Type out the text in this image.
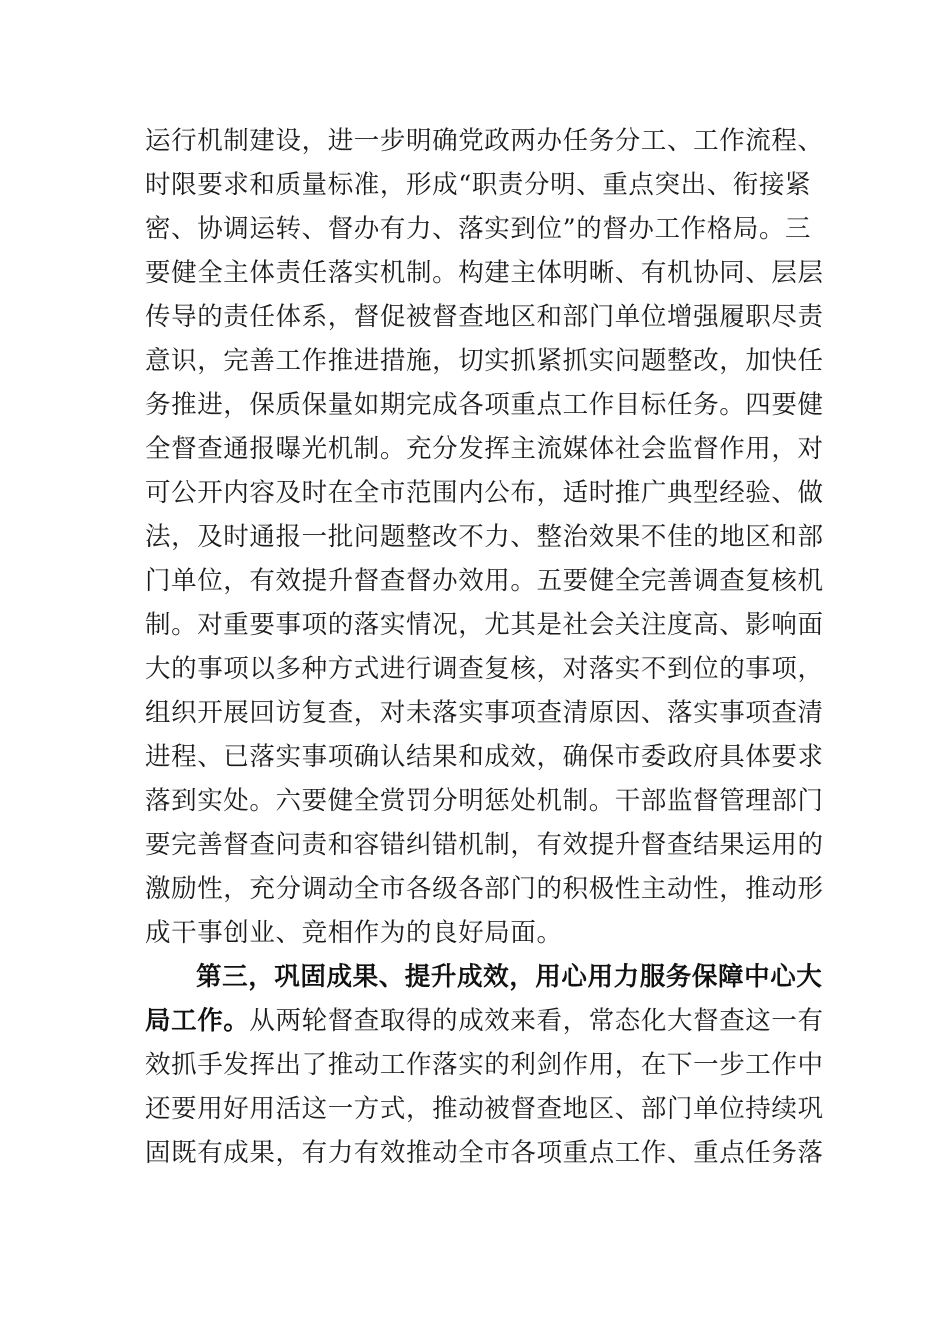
运行机制建设，进一步明确党政两办任务分工、工作流程、
时限要求和质量标准，形成“职责分明、重点突出、衔接紧
密、协调运转、督办有力、落实到位”的督办工作格局。三
要健全主体责任落实机制。构建主体明晰、有机协同、层层
传导的责任体系，督促被督查地区和部门单位增强履职尽责
意识，完善工作推进措施，切实抓紧抓实问题整改，加快任
务推进，保质保量如期完成各项重点工作目标任务。四要健
全督查通报曝光机制。充分发挥主流媒体社会监督作用，对
可公开内容及时在全市范围内公布，适时推广典型经验、做
法，及时通报一批问题整改不力、整治效果不佳的地区和部
门单位，有效提升督查督办效用。五要健全完善调查复核机
制。对重要事项的落实情况，尤其是社会关注度高、影响面
大的事项以多种方式进行调查复核，对落实不到位的事项，
组织开展回访复查，对未落实事项查清原因、落实事项查清
进程、已落实事项确认结果和成效，确保市委政府具体要求
落到实处。六要健全赏罚分明惩处机制。干部监督管理部门
要完善督查问责和容错纠错机制，有效提升督查结果运用的
激励性，充分调动全市各级各部门的积极性主动性，推动形
成干事创业、竞相作为的良好局面。
第三，巩固成果、提升成效，用心用力服务保障中心大
局工作。从两轮督查取得的成效来看，常态化大督查这一有
效抓手发挥出了推动工作落实的利剑作用，在下一步工作中
还要用好用活这一方式，推动被督查地区、部门单位持续巩
固既有成果，有力有效推动全市各项重点工作、重点任务落
